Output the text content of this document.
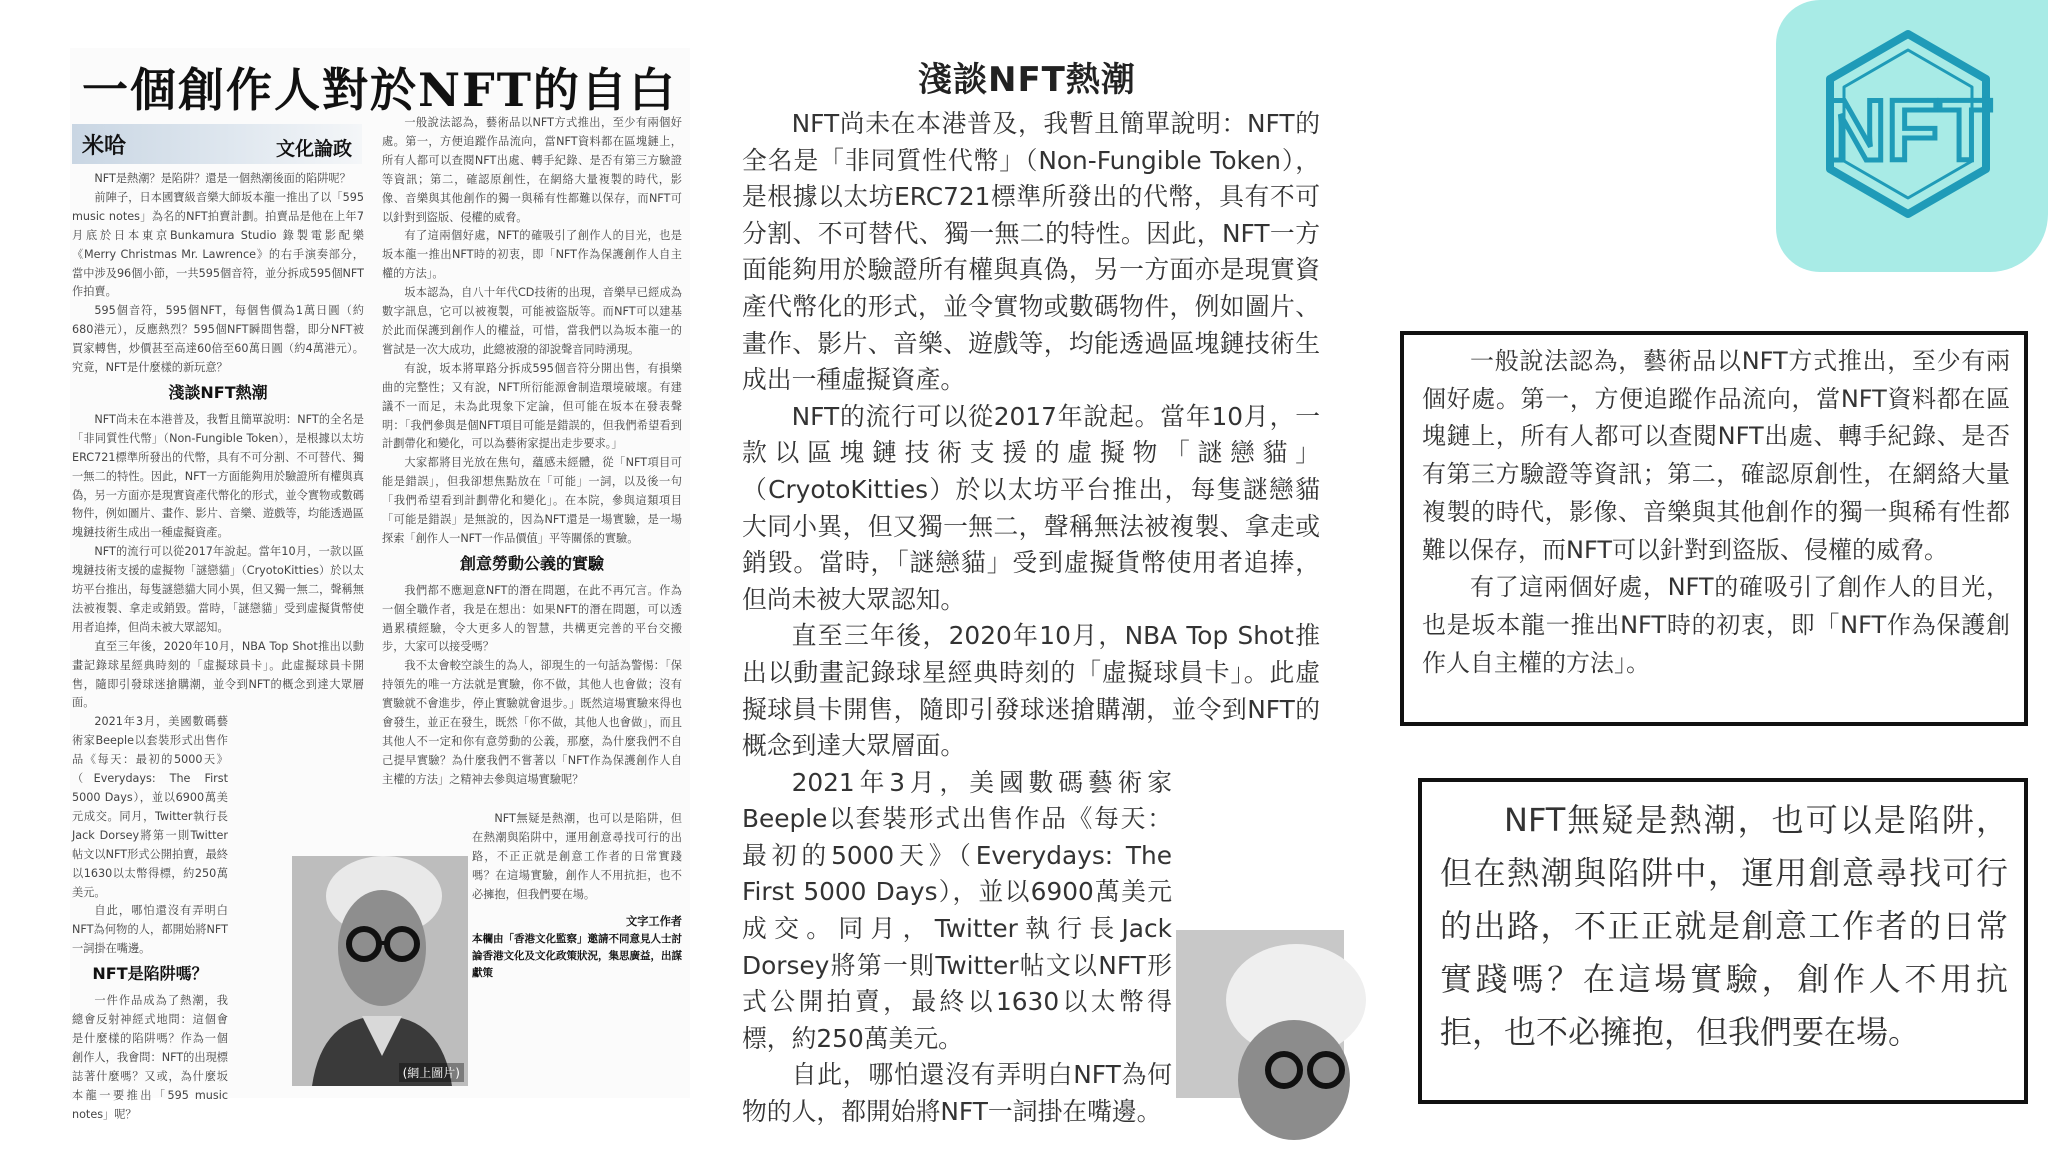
一個創作人對於NFT的自白
米哈	文化論政

NFT是熱潮？是陷阱？還是一個熱潮後面的陷阱呢？

前陣子，日本國寶級音樂大師坂本龍一推出了以「595 music notes」為名的NFT拍賣計劃。拍賣品是他在上年7月底於日本東京Bunkamura Studio 錄製電影配樂《Merry Christmas Mr. Lawrence》的右手演奏部分，當中涉及96個小節，一共595個音符，並分拆成595個NFT作拍賣。

595個音符，595個NFT，每個售價為1萬日圓（約680港元），反應熱烈？595個NFT瞬間售罄，即分NFT被買家轉售，炒價甚至高達60倍至60萬日圓（約4萬港元）。究竟，NFT是什麼樣的新玩意？

淺談NFT熱潮

NFT尚未在本港普及，我暫且簡單說明：NFT的全名是「非同質性代幣」（Non-Fungible Token），是根據以太坊ERC721標準所發出的代幣，具有不可分割、不可替代、獨一無二的特性。因此，NFT一方面能夠用於驗證所有權與真偽，另一方面亦是現實資產代幣化的形式，並令實物或數碼物件，例如圖片、畫作、影片、音樂、遊戲等，均能透過區塊鏈技術生成出一種虛擬資產。

NFT的流行可以從2017年說起。當年10月，一款以區塊鏈技術支援的虛擬物「謎戀貓」（CryotoKitties）於以太坊平台推出，每隻謎戀貓大同小異，但又獨一無二，聲稱無法被複製、拿走或銷毀。當時，「謎戀貓」受到虛擬貨幣使用者追捧，但尚未被大眾認知。

直至三年後，2020年10月，NBA Top Shot推出以動畫記錄球星經典時刻的「虛擬球員卡」。此虛擬球員卡開售，隨即引發球迷搶購潮，並令到NFT的概念到達大眾層面。

2021年3月，美國數碼藝術家Beeple以套裝形式出售作品《每天：最初的5000天》（Everydays: The First 5000 Days），並以6900萬美元成交。同月，Twitter執行長Jack Dorsey將第一則Twitter帖文以NFT形式公開拍賣，最終以1630以太幣得標，約250萬美元。

自此，哪怕還沒有弄明白NFT為何物的人，都開始將NFT一詞掛在嘴邊。

NFT是陷阱嗎？

一件作品成為了熱潮，我總會反射神經式地問：這個會是什麼樣的陷阱嗎？作為一個創作人，我會問：NFT的出現標誌著什麼嗎？又或，為什麼坂本龍一要推出「595 music notes」呢？

一般說法認為，藝術品以NFT方式推出，至少有兩個好處。第一，方便追蹤作品流向，當NFT資料都在區塊鏈上，所有人都可以查閱NFT出處、轉手紀錄、是否有第三方驗證等資訊；第二，確認原創性，在網絡大量複製的時代，影像、音樂與其他創作的獨一與稀有性都難以保存，而NFT可以針對到盜版、侵權的威脅。

有了這兩個好處，NFT的確吸引了創作人的目光，也是坂本龍一推出NFT時的初衷，即「NFT作為保護創作人自主權的方法」。

坂本認為，自八十年代CD技術的出現，音樂早已經成為數字訊息，它可以被複製，可能被盜版等。而NFT可以建基於此而保護到創作人的權益，可惜，當我們以為坂本龍一的嘗試是一次大成功，此總被潑的卻說聲音同時湧現。

有說，坂本將單路分拆成595個音符分開出售，有損樂曲的完整性；又有說，NFT所衍能源會制造環境破壞。有建議不一而足，未為此現象下定論，但可能在坂本在發表聲明：「我們參與是個NFT項目可能是錯誤的，但我們希望看到計劃帶化和變化，可以為藝術家提出走步要求。」

大家都將目光放在焦句，蘊感未經體，從「NFT項目可能是錯誤」，但我卻想焦點放在「可能」一詞，以及後一句「我們希望看到計劃帶化和變化」。在本院，參與這類項目「可能是錯誤」是無說的，因為NFT還是一場實驗，是一場探索「創作人一NFT一作品價值」平等關係的實驗。

創意勞動公義的實驗

我們都不應迴意NFT的潛在問題，在此不再冗言。作為一個全職作者，我是在想出：如果NFT的潛在問題，可以透過累積經驗，令大更多人的智慧，共構更完善的平台交搬步，大家可以接受嗎？

我不太會較空談生的為人，卻現生的一句話為警惕：「保持領先的唯一方法就是實驗，你不做，其他人也會做；沒有實驗就不會進步，停止實驗就會退步。」既然這場實驗來得也會發生，並正在發生，既然「你不做，其他人也會做」，而且其他人不一定和你有意勞動的公義，那麼，為什麼我們不自己提早實驗？為什麼我們不嘗著以「NFT作為保護創作人自主權的方法」之精神去參與這場實驗呢？

NFT無疑是熱潮，也可以是陷阱，但在熱潮與陷阱中，運用創意尋找可行的出路，不正正就是創意工作者的日常實踐嗎？在這場實驗，創作人不用抗拒，也不必擁抱，但我們要在場。

文字工作者
本欄由「香港文化監察」邀請不同意見人士討論香港文化及文化政策狀況，集思廣益，出謀獻策
(網上圖片)
淺談NFT熱潮

NFT尚未在本港普及，我暫且簡單說明：NFT的全名是「非同質性代幣」（Non-Fungible Token），是根據以太坊ERC721標準所發出的代幣，具有不可分割、不可替代、獨一無二的特性。因此，NFT一方面能夠用於驗證所有權與真偽，另一方面亦是現實資產代幣化的形式，並令實物或數碼物件，例如圖片、畫作、影片、音樂、遊戲等，均能透過區塊鏈技術生成出一種虛擬資產。

NFT的流行可以從2017年說起。當年10月，一款以區塊鏈技術支援的虛擬物「謎戀貓」（CryotoKitties）於以太坊平台推出，每隻謎戀貓大同小異，但又獨一無二，聲稱無法被複製、拿走或銷毀。當時，「謎戀貓」受到虛擬貨幣使用者追捧，但尚未被大眾認知。

直至三年後，2020年10月，NBA Top Shot推出以動畫記錄球星經典時刻的「虛擬球員卡」。此虛擬球員卡開售，隨即引發球迷搶購潮，並令到NFT的概念到達大眾層面。

2021年3月，美國數碼藝術家Beeple以套裝形式出售作品《每天：最初的5000天》（Everydays: The First 5000 Days），並以6900萬美元成交。同月，Twitter執行長Jack Dorsey將第一則Twitter帖文以NFT形式公開拍賣，最終以1630以太幣得標，約250萬美元。

自此，哪怕還沒有弄明白NFT為何物的人，都開始將NFT一詞掛在嘴邊。

NFT

一般說法認為，藝術品以NFT方式推出，至少有兩個好處。第一，方便追蹤作品流向，當NFT資料都在區塊鏈上，所有人都可以查閱NFT出處、轉手紀錄、是否有第三方驗證等資訊；第二，確認原創性，在網絡大量複製的時代，影像、音樂與其他創作的獨一與稀有性都難以保存，而NFT可以針對到盜版、侵權的威脅。

有了這兩個好處，NFT的確吸引了創作人的目光，也是坂本龍一推出NFT時的初衷，即「NFT作為保護創作人自主權的方法」。

NFT無疑是熱潮，也可以是陷阱，但在熱潮與陷阱中，運用創意尋找可行的出路，不正正就是創意工作者的日常實踐嗎？在這場實驗，創作人不用抗拒，也不必擁抱，但我們要在場。
